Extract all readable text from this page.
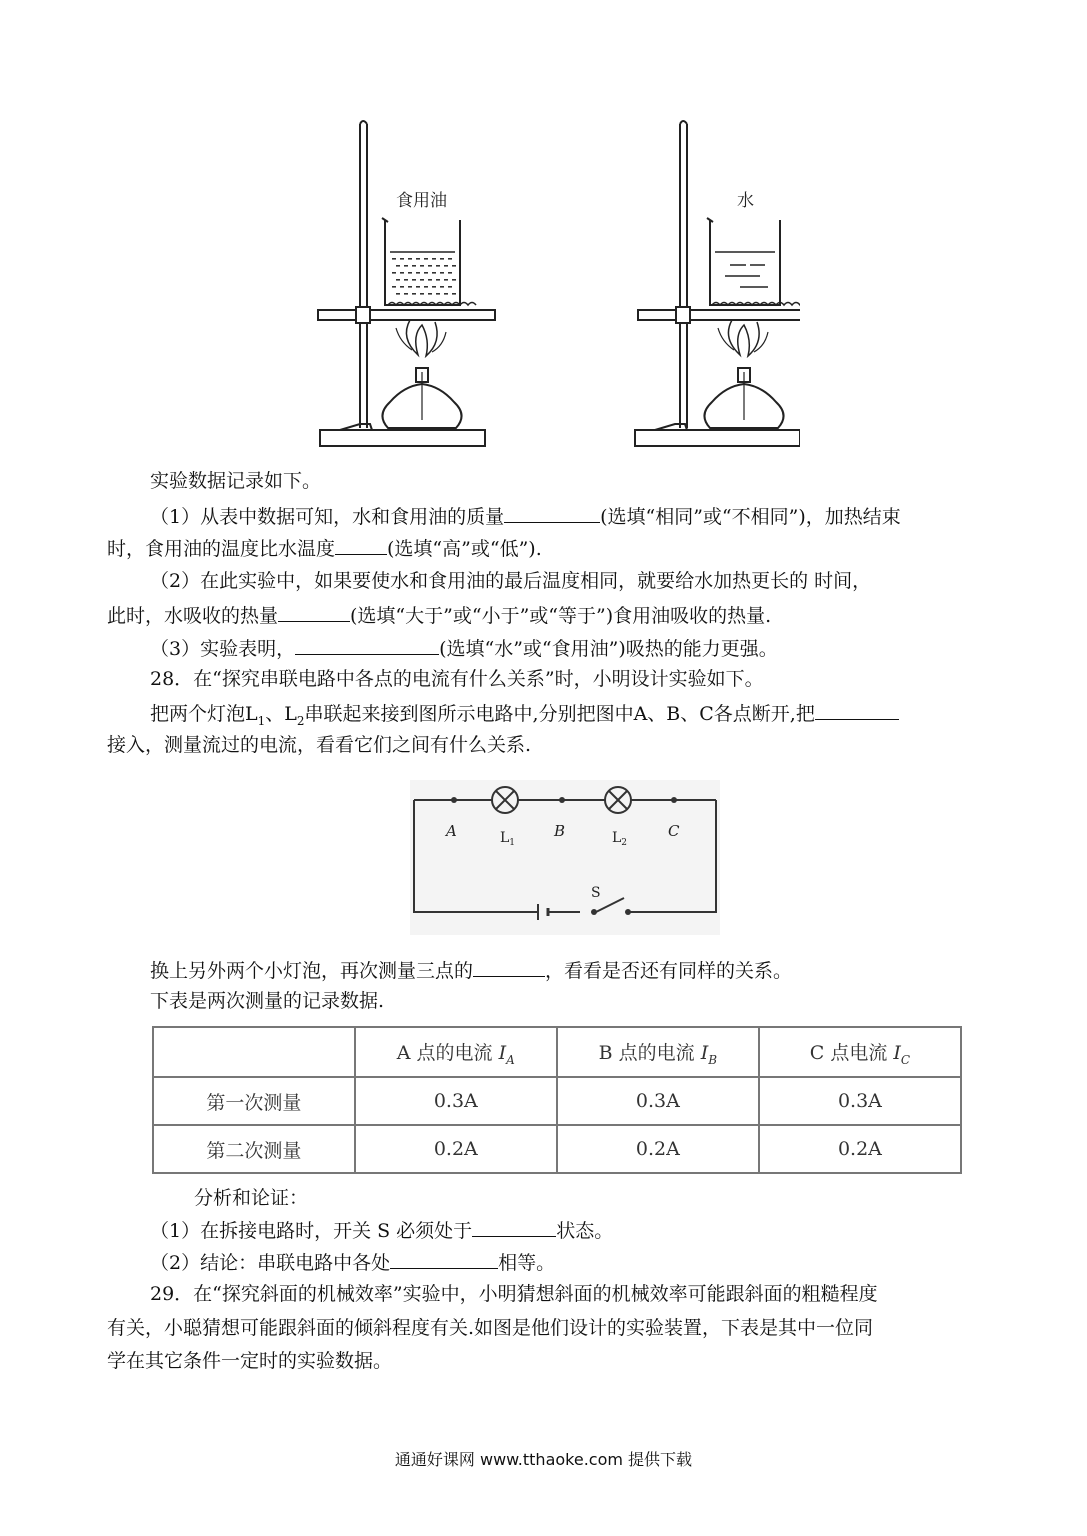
食用油	水
实验数据记录如下。
（1）从表中数据可知，水和食用油的质量	(选填“相同”或“不相同”)，加热结束
时，食用油的温度比水温度	(选填“高”或“低”).
（2）在此实验中，如果要使水和食用油的最后温度相同，就要给水加热更长的 时间，
此时，水吸收的热量	(选填“大于”或“小于”或“等于”)食用油吸收的热量.
（3）实验表明，	(选填“水”或“食用油”)吸热的能力更强。
28．在“探究串联电路中各点的电流有什么关系”时，小明设计实验如下。
把两个灯泡$L_1$、$L_2$串联起来接到图所示电路中,分别把图中A、B、C各点断开,把
接入，测量流过的电流，看看它们之间有什么关系.
A	B	C
$L_1$	$L_2$
S
换上另外两个小灯泡，再次测量三点的	，看看是否还有同样的关系。
下表是两次测量的记录数据.
	A 点的电流 $I_A$	B 点的电流 $I_B$	C 点电流 $I_C$
第一次测量	0.3A	0.3A	0.3A
第二次测量	0.2A	0.2A	0.2A
分析和论证：
（1）在拆接电路时，开关 S 必须处于	状态。
（2）结论：串联电路中各处	相等。
29．在“探究斜面的机械效率”实验中，小明猜想斜面的机械效率可能跟斜面的粗糙程度
有关，小聪猜想可能跟斜面的倾斜程度有关.如图是他们设计的实验装置，下表是其中一位同
学在其它条件一定时的实验数据。
通通好课网 www.tthaoke.com 提供下载
